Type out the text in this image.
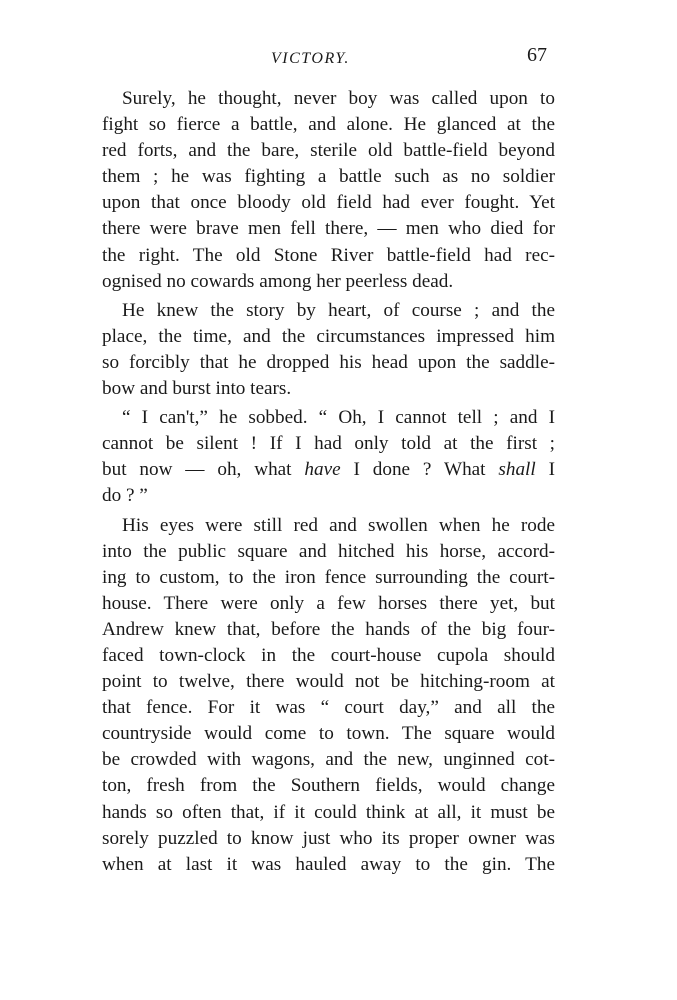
VICTORY.	67
Surely, he thought, never boy was called upon to
fight so fierce a battle, and alone. He glanced at the
red forts, and the bare, sterile old battle-field beyond
them ; he was fighting a battle such as no soldier
upon that once bloody old field had ever fought. Yet
there were brave men fell there, — men who died for
the right. The old Stone River battle-field had rec-
ognised no cowards among her peerless dead.
He knew the story by heart, of course ; and the
place, the time, and the circumstances impressed him
so forcibly that he dropped his head upon the saddle-
bow and burst into tears.
“ I can't,” he sobbed. “ Oh, I cannot tell ; and I
cannot be silent ! If I had only told at the first ;
but now — oh, what have I done ? What shall I
do ? ”
His eyes were still red and swollen when he rode
into the public square and hitched his horse, accord-
ing to custom, to the iron fence surrounding the court-
house. There were only a few horses there yet, but
Andrew knew that, before the hands of the big four-
faced town-clock in the court-house cupola should
point to twelve, there would not be hitching-room at
that fence. For it was “ court day,” and all the
countryside would come to town. The square would
be crowded with wagons, and the new, unginned cot-
ton, fresh from the Southern fields, would change
hands so often that, if it could think at all, it must be
sorely puzzled to know just who its proper owner was
when at last it was hauled away to the gin. The
